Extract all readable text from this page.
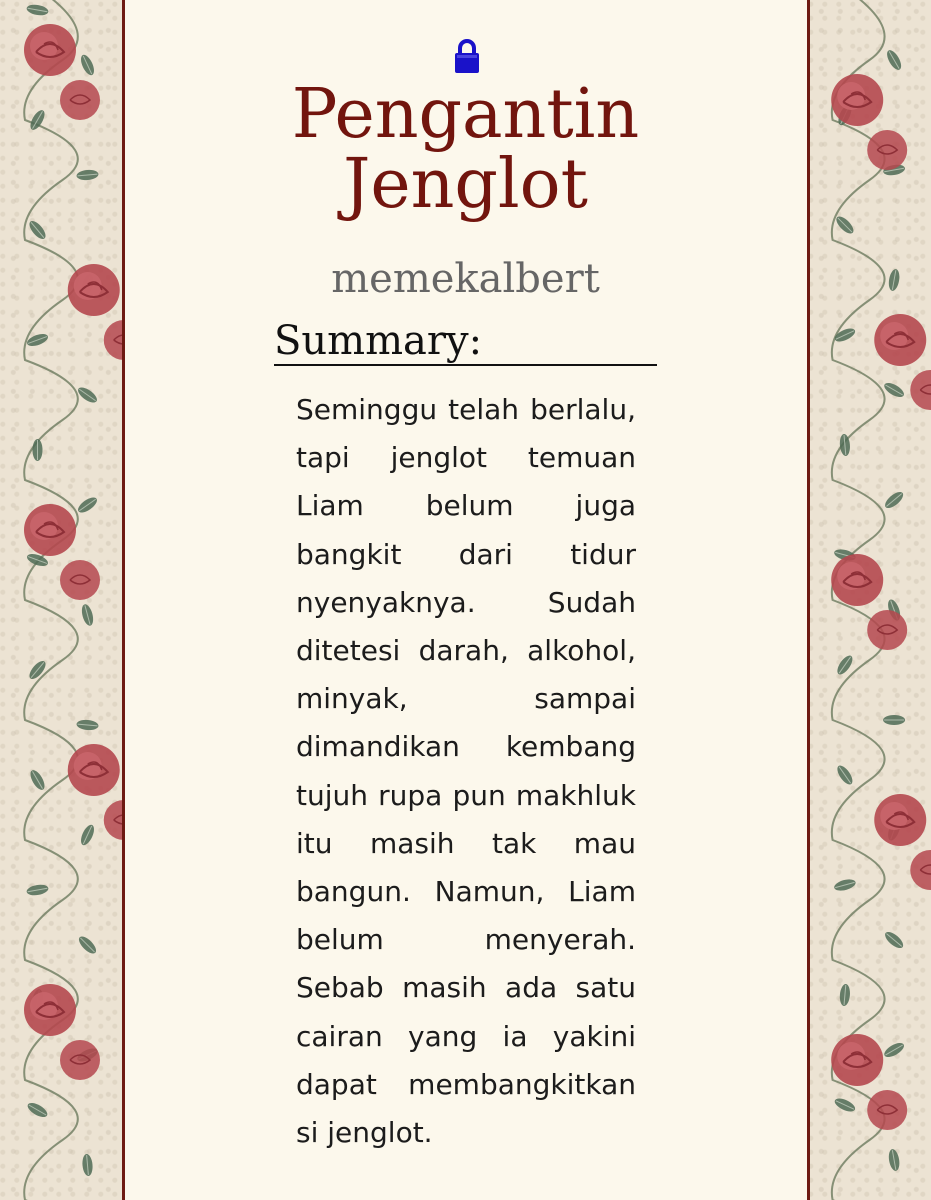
Pengantin Jenglot
memekalbert
Summary:
Seminggu telah berlalu, tapi jenglot temuan Liam belum juga bangkit dari tidur nyenyaknya. Sudah ditetesi darah, alkohol, minyak, sampai dimandikan kembang tujuh rupa pun makhluk itu masih tak mau bangun. Namun, Liam belum menyerah. Sebab masih ada satu cairan yang ia yakini dapat membangkitkan si jenglot.
